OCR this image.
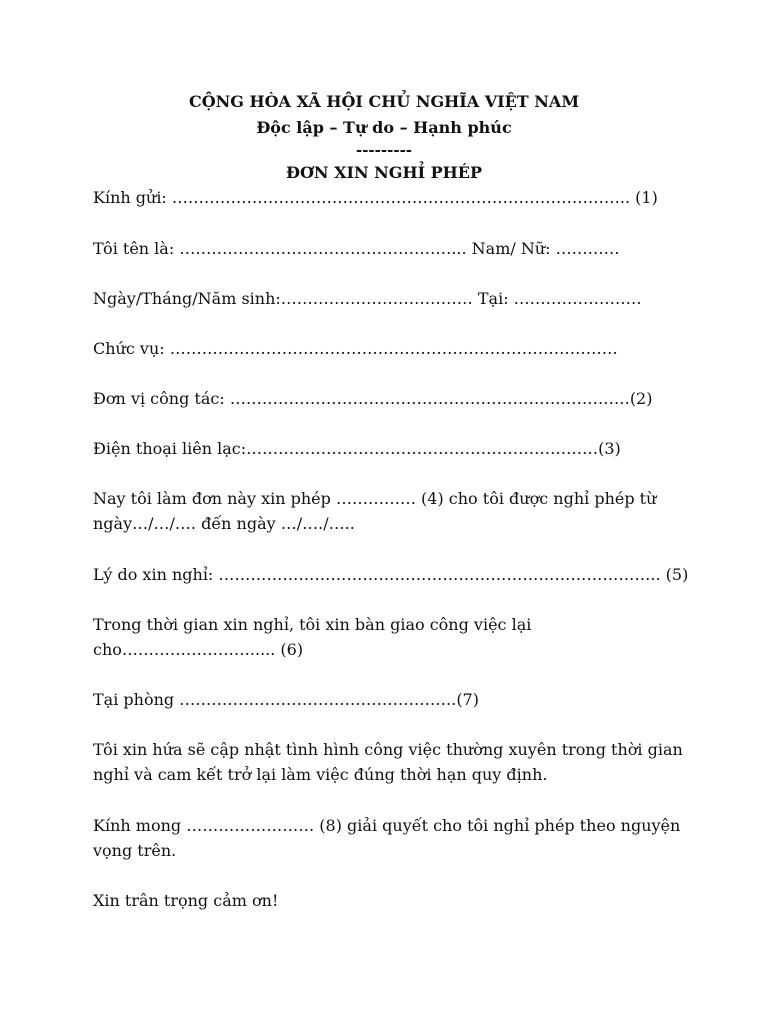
CỘNG HÒA XÃ HỘI CHỦ NGHĨA VIỆT NAM
Độc lập – Tự do – Hạnh phúc
---------
ĐƠN XIN NGHỈ PHÉP
Kính gửi: ………………………………………………………………………….. (1)
Tôi tên là: ……………………………………………... Nam/ Nữ: …………
Ngày/Tháng/Năm sinh:……………………………… Tại: ……………………
Chức vụ: …………………………………………………………………………
Đơn vị công tác: …………………………………………………………………(2)
Điện thoại liên lạc:…………………………………………………………(3)
Nay tôi làm đơn này xin phép …………… (4) cho tôi được nghỉ phép từ ngày…/…/…. đến ngày …/…./…..
Lý do xin nghỉ: ……………………………………………………………………….. (5)
Trong thời gian xin nghỉ, tôi xin bàn giao công việc lại cho……………………..... (6)
Tại phòng …………………………………………….(7)
Tôi xin hứa sẽ cập nhật tình hình công việc thường xuyên trong thời gian nghỉ và cam kết trở lại làm việc đúng thời hạn quy định.
Kính mong …………………… (8) giải quyết cho tôi nghỉ phép theo nguyện vọng trên.
Xin trân trọng cảm ơn!
